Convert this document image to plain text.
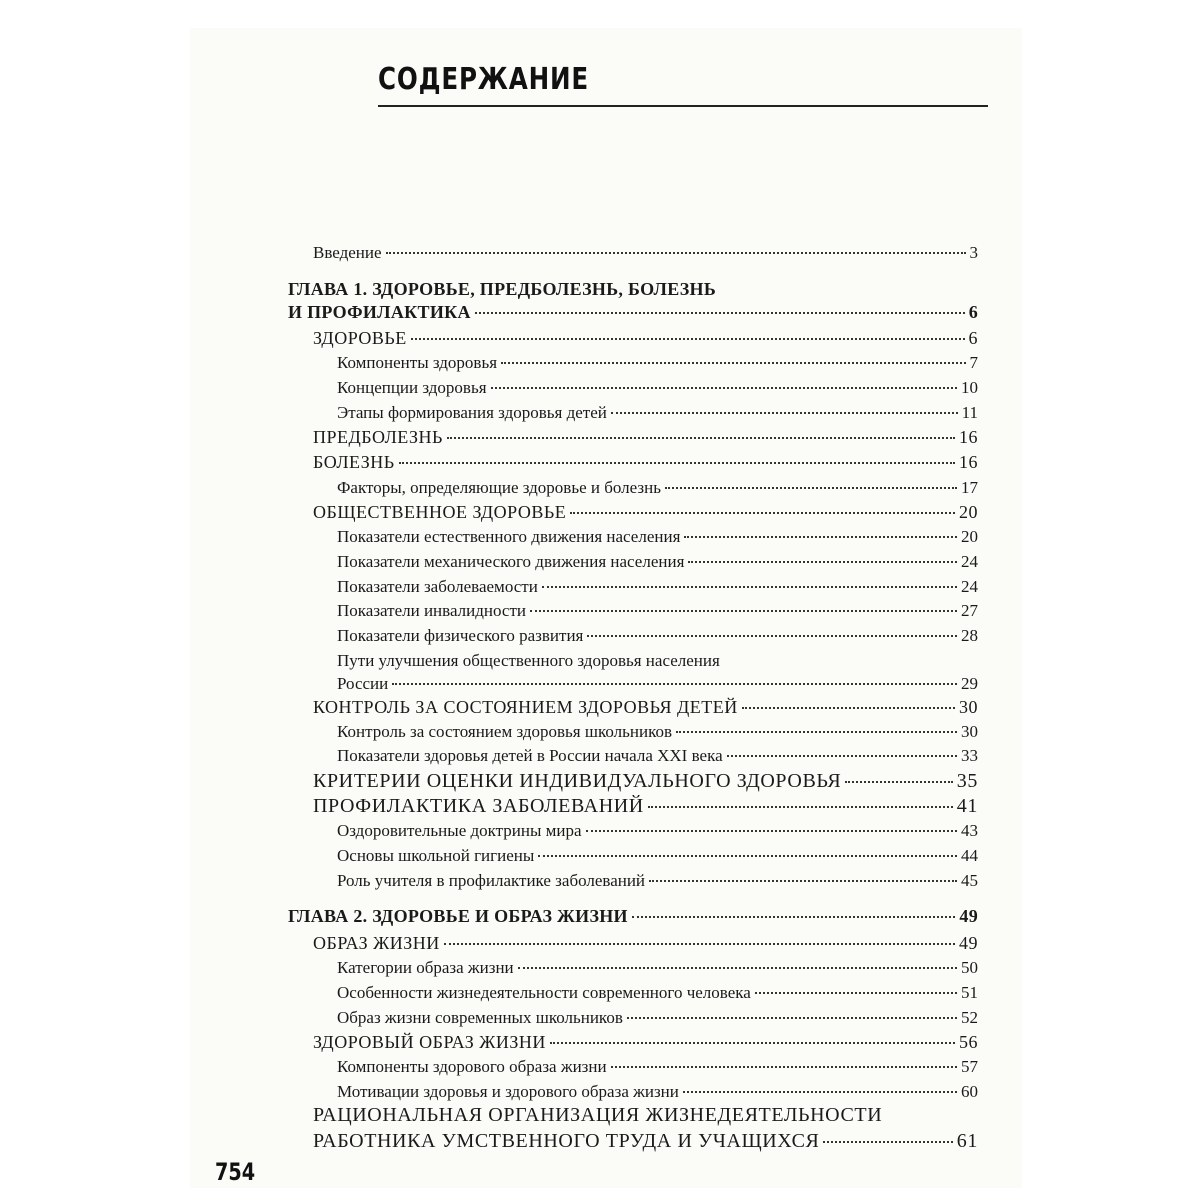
СОДЕРЖАНИЕ
Введение	3
ГЛАВА 1. ЗДОРОВЬЕ, ПРЕДБОЛЕЗНЬ, БОЛЕЗНЬ
И ПРОФИЛАКТИКА	6
ЗДОРОВЬЕ	6
Компоненты здоровья	7
Концепции здоровья	10
Этапы формирования здоровья детей	11
ПРЕДБОЛЕЗНЬ	16
БОЛЕЗНЬ	16
Факторы, определяющие здоровье и болезнь	17
ОБЩЕСТВЕННОЕ ЗДОРОВЬЕ	20
Показатели естественного движения населения	20
Показатели механического движения населения	24
Показатели заболеваемости	24
Показатели инвалидности	27
Показатели физического развития	28
Пути улучшения общественного здоровья населения
России	29
КОНТРОЛЬ ЗА СОСТОЯНИЕМ ЗДОРОВЬЯ ДЕТЕЙ	30
Контроль за состоянием здоровья школьников	30
Показатели здоровья детей в России начала XXI века	33
КРИТЕРИИ ОЦЕНКИ ИНДИВИДУАЛЬНОГО ЗДОРОВЬЯ	35
ПРОФИЛАКТИКА ЗАБОЛЕВАНИЙ	41
Оздоровительные доктрины мира	43
Основы школьной гигиены	44
Роль учителя в профилактике заболеваний	45
ГЛАВА 2. ЗДОРОВЬЕ И ОБРАЗ ЖИЗНИ	49
ОБРАЗ ЖИЗНИ	49
Категории образа жизни	50
Особенности жизнедеятельности современного человека	51
Образ жизни современных школьников	52
ЗДОРОВЫЙ ОБРАЗ ЖИЗНИ	56
Компоненты здорового образа жизни	57
Мотивации здоровья и здорового образа жизни	60
РАЦИОНАЛЬНАЯ ОРГАНИЗАЦИЯ ЖИЗНЕДЕЯТЕЛЬНОСТИ
РАБОТНИКА УМСТВЕННОГО ТРУДА И УЧАЩИХСЯ	61
754
